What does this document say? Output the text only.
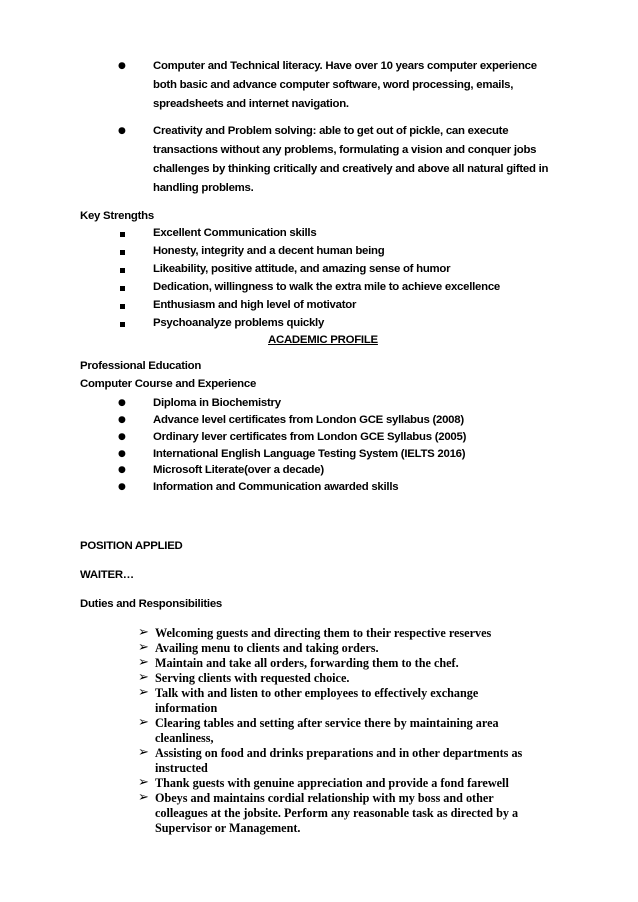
● Computer and Technical literacy. Have over 10 years computer experience
both basic and advance computer software, word processing, emails,
spreadsheets and internet navigation.
● Creativity and Problem solving: able to get out of pickle, can execute
transactions without any problems, formulating a vision and conquer jobs
challenges by thinking critically and creatively and above all natural gifted in
handling problems.
Key Strengths
Excellent Communication skills
Honesty, integrity and a decent human being
Likeability, positive attitude, and amazing sense of humor
Dedication, willingness to walk the extra mile to achieve excellence
Enthusiasm and high level of motivator
Psychoanalyze problems quickly
ACADEMIC PROFILE
Professional Education
Computer Course and Experience
● Diploma in Biochemistry
● Advance level certificates from London GCE syllabus (2008)
● Ordinary lever certificates from London GCE Syllabus (2005)
● International English Language Testing System (IELTS 2016)
● Microsoft Literate(over a decade)
● Information and Communication awarded skills
POSITION APPLIED
WAITER…
Duties and Responsibilities
➢ Welcoming guests and directing them to their respective reserves
➢ Availing menu to clients and taking orders.
➢ Maintain and take all orders, forwarding them to the chef.
➢ Serving clients with requested choice.
➢ Talk with and listen to other employees to effectively exchange
information
➢ Clearing tables and setting after service there by maintaining area
cleanliness,
➢ Assisting on food and drinks preparations and in other departments as
instructed
➢ Thank guests with genuine appreciation and provide a fond farewell
➢ Obeys and maintains cordial relationship with my boss and other
colleagues at the jobsite. Perform any reasonable task as directed by a
Supervisor or Management.
